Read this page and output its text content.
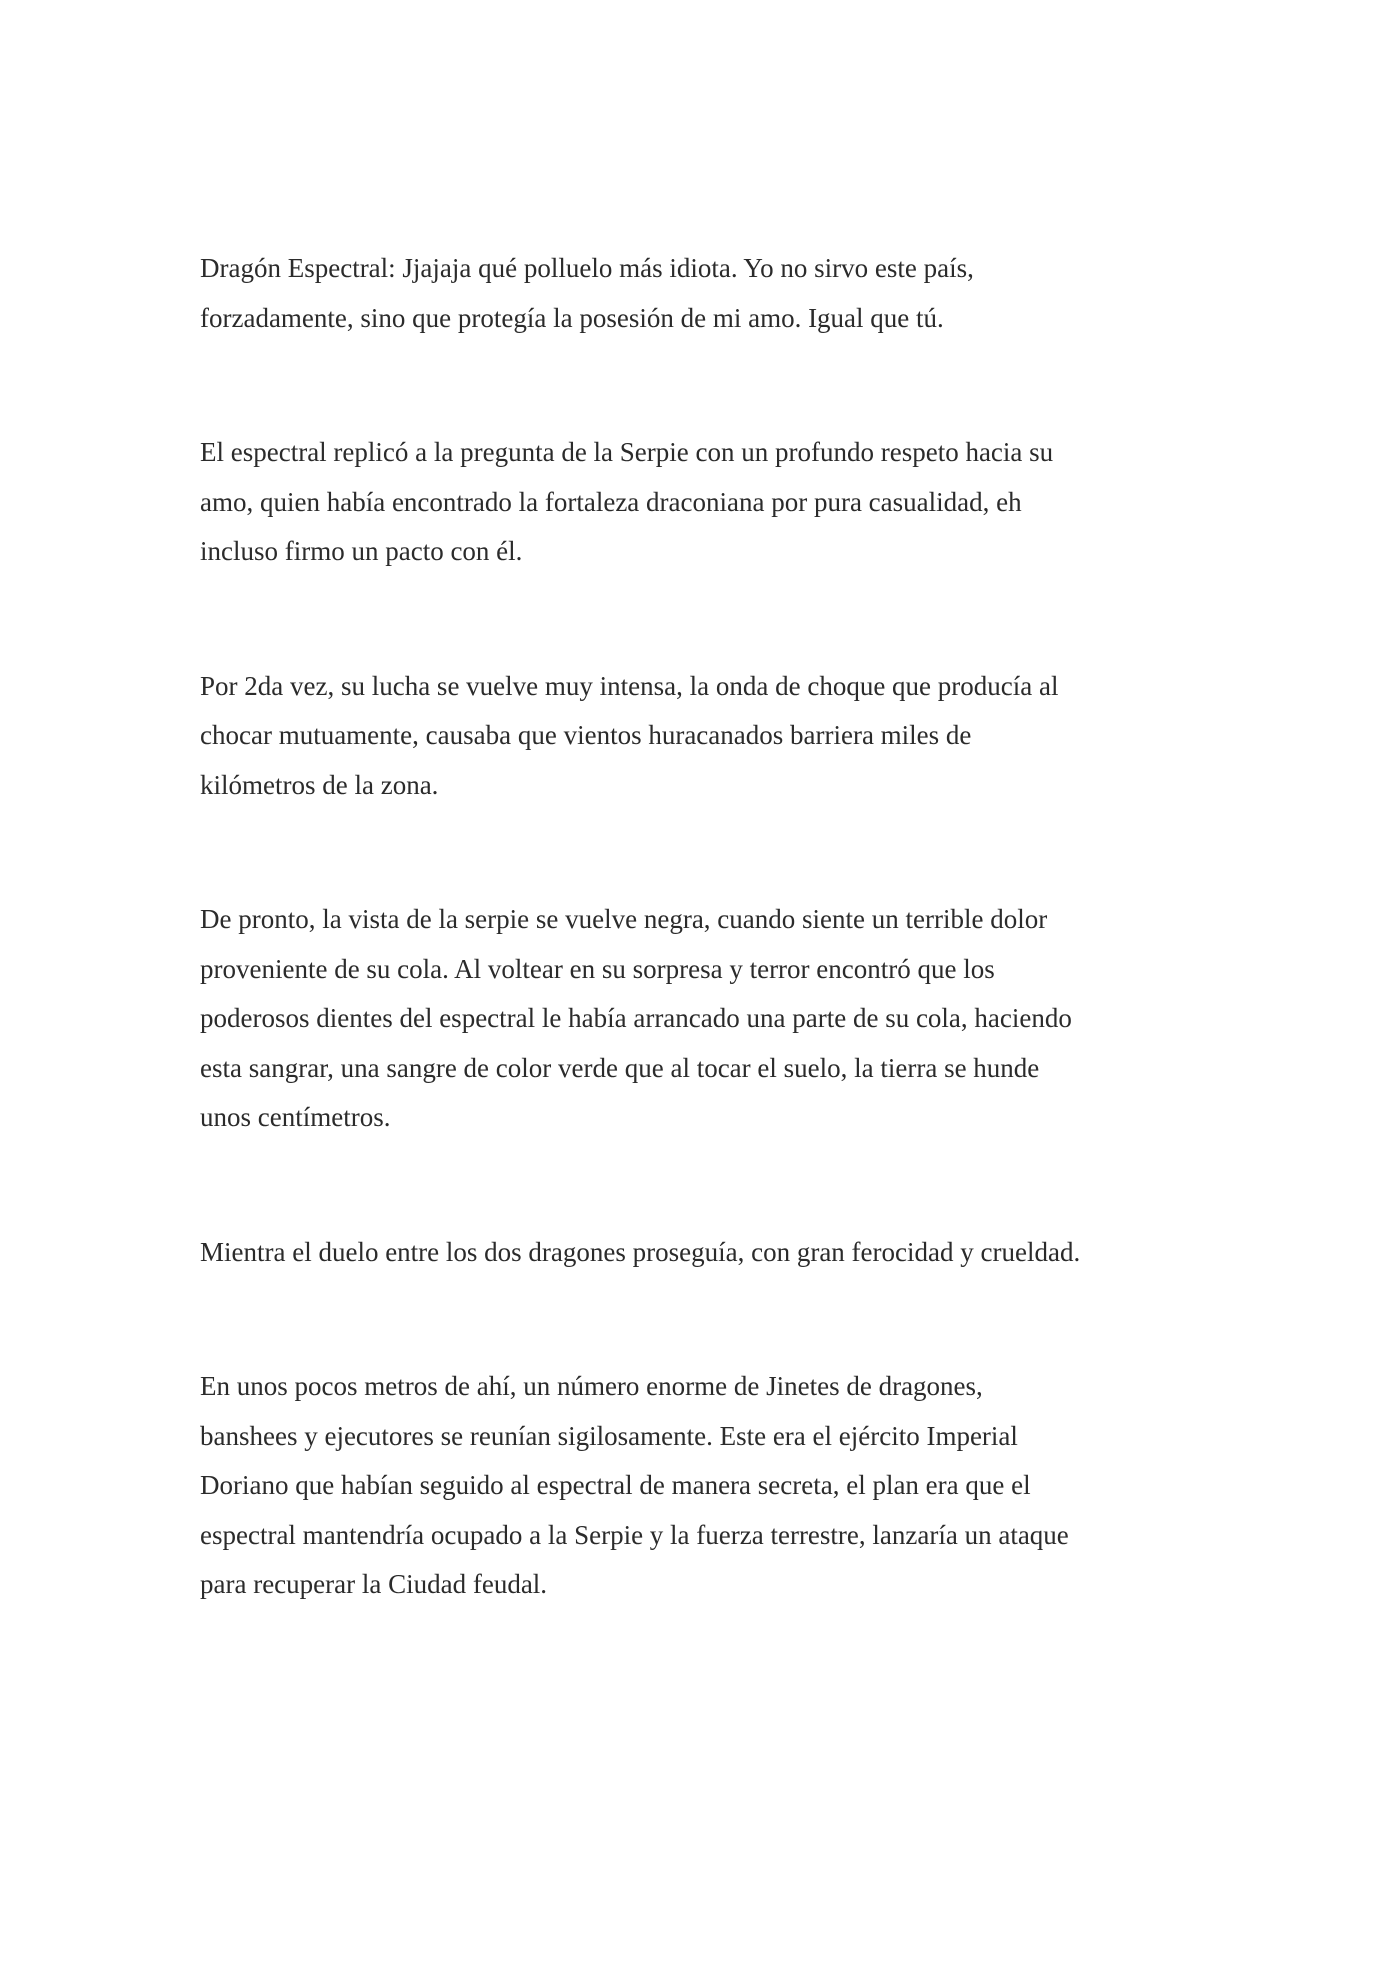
Dragón Espectral: Jjajaja qué polluelo más idiota. Yo no sirvo este país,
forzadamente, sino que protegía la posesión de mi amo. Igual que tú.

El espectral replicó a la pregunta de la Serpie con un profundo respeto hacia su
amo, quien había encontrado la fortaleza draconiana por pura casualidad, eh
incluso firmo un pacto con él.

Por 2da vez, su lucha se vuelve muy intensa, la onda de choque que producía al
chocar mutuamente, causaba que vientos huracanados barriera miles de
kilómetros de la zona.

De pronto, la vista de la serpie se vuelve negra, cuando siente un terrible dolor
proveniente de su cola. Al voltear en su sorpresa y terror encontró que los
poderosos dientes del espectral le había arrancado una parte de su cola, haciendo
esta sangrar, una sangre de color verde que al tocar el suelo, la tierra se hunde
unos centímetros.

Mientra el duelo entre los dos dragones proseguía, con gran ferocidad y crueldad.

En unos pocos metros de ahí, un número enorme de Jinetes de dragones,
banshees y ejecutores se reunían sigilosamente. Este era el ejército Imperial
Doriano que habían seguido al espectral de manera secreta, el plan era que el
espectral mantendría ocupado a la Serpie y la fuerza terrestre, lanzaría un ataque
para recuperar la Ciudad feudal.
